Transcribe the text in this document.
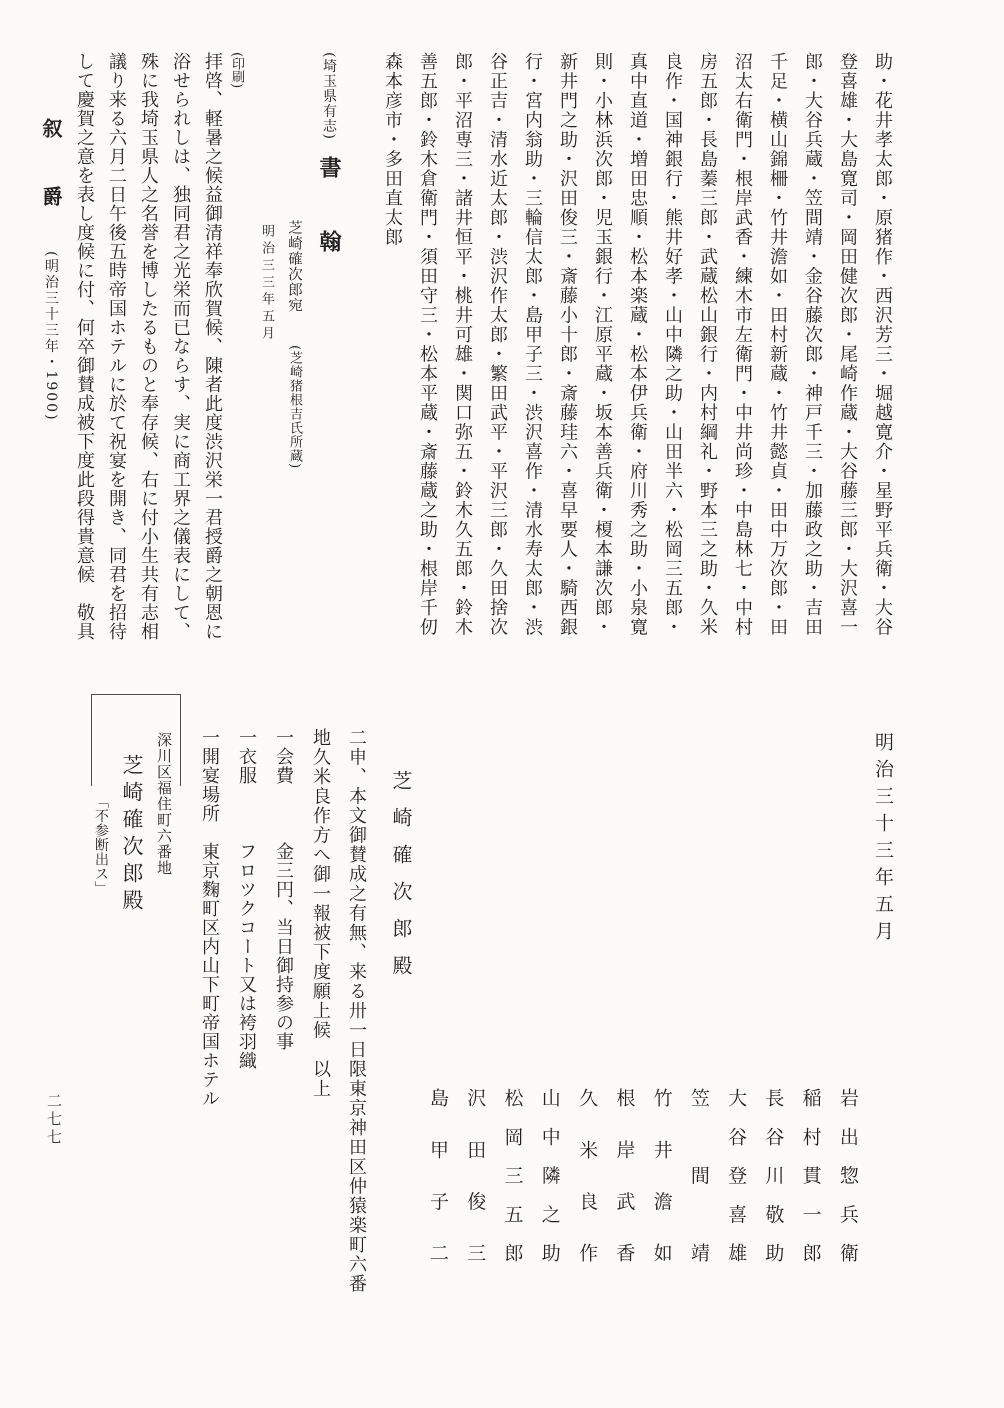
助・花井孝太郎・原猪作・西沢芳三・堀越寛介・星野平兵衛・大谷
登喜雄・大島寛司・岡田健次郎・尾崎作蔵・大谷藤三郎・大沢喜一
郎・大谷兵蔵・笠間靖・金谷藤次郎・神戸千三・加藤政之助・吉田
千足・横山錦柵・竹井澹如・田村新蔵・竹井懿貞・田中万次郎・田
沼太右衛門・根岸武香・練木市左衛門・中井尚珍・中島林七・中村
房五郎・長島蓁三郎・武蔵松山銀行・内村綱礼・野本三之助・久米
良作・国神銀行・熊井好孝・山中隣之助・山田半六・松岡三五郎・
真中直道・増田忠順・松本楽蔵・松本伊兵衛・府川秀之助・小泉寛
則・小林浜次郎・児玉銀行・江原平蔵・坂本善兵衛・榎本謙次郎・
新井門之助・沢田俊三・斎藤小十郎・斎藤珪六・喜早要人・騎西銀
行・宮内翁助・三輪信太郎・島甲子三・渋沢喜作・清水寿太郎・渋
谷正吉・清水近太郎・渋沢作太郎・繁田武平・平沢三郎・久田捨次
郎・平沼専三・諸井恒平・桃井可雄・関口弥五・鈴木久五郎・鈴木
善五郎・鈴木倉衛門・須田守三・松本平蔵・斎藤蔵之助・根岸千仞
森本彦市・多田直太郎
(埼玉県有志) 書　翰
芝崎確次郎宛 (芝崎猪根吉氏所蔵)
明治三三年五月
(印刷)
拝啓、軽暑之候益御清祥奉欣賀候、陳者此度渋沢栄一君授爵之朝恩に
浴せられしは、独同君之光栄而已ならす、実に商工界之儀表にして、
殊に我埼玉県人之名誉を博したるものと奉存候、右に付小生共有志相
議り来る六月二日午後五時帝国ホテルに於て祝宴を開き、同君を招待
して慶賀之意を表し度候に付、何卒御賛成被下度此段得貴意候　敬具
叙　爵 (明治三十三年・1900)
明治三十三年五月
岩出惣兵衛
稲村貫一郎
長谷川敬助
大谷登喜雄
笠間靖
竹井澹如
根岸武香
久米良作
山中隣之助
松岡三五郎
沢田俊三
島甲子二
芝崎確次郎殿
二申、本文御賛成之有無、来る卅一日限東京神田区仲猿楽町六番
地久米良作方へ御一報被下度願上候　以上
一会費　　　金三円、当日御持参の事
一衣服　　　フロツクコート又は袴羽織
一開宴場所　東京麴町区内山下町帝国ホテル
深川区福住町六番地
芝崎確次郎殿
「不参断出ス」
二七七
